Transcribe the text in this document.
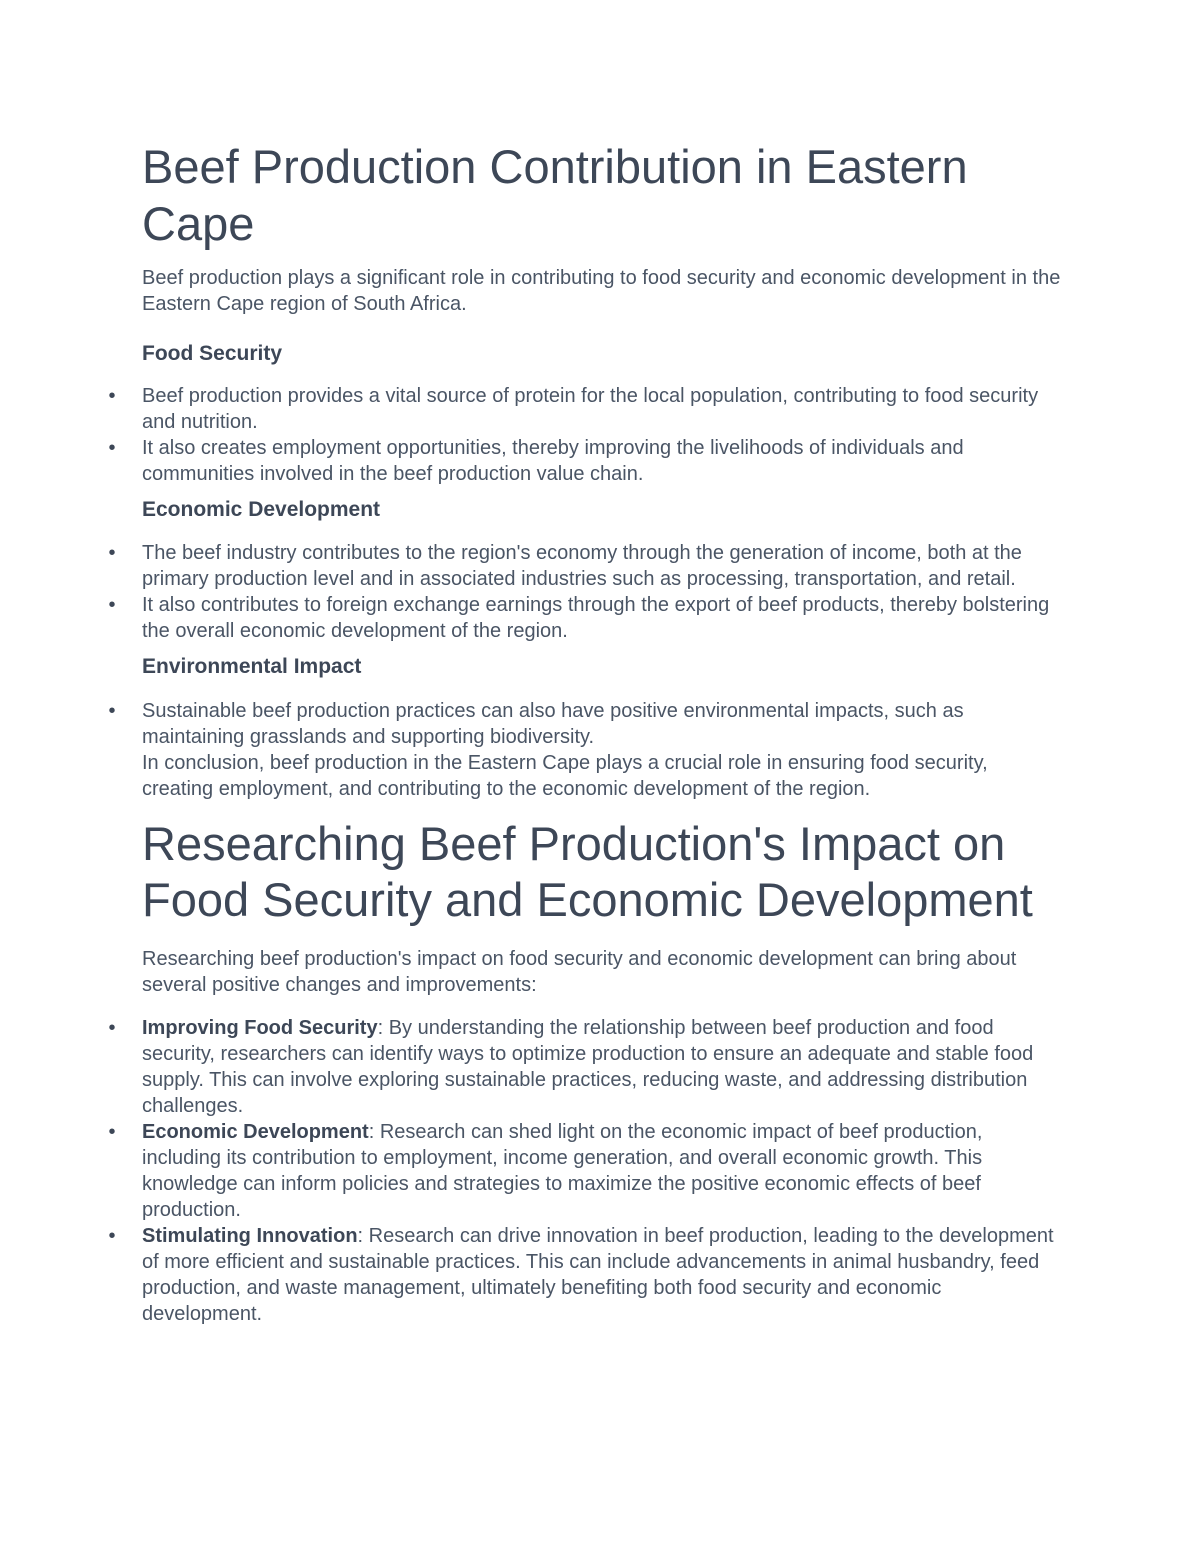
Beef Production Contribution in Eastern Cape

Beef production plays a significant role in contributing to food security and economic development in the Eastern Cape region of South Africa.

Food Security
• Beef production provides a vital source of protein for the local population, contributing to food security and nutrition.
• It also creates employment opportunities, thereby improving the livelihoods of individuals and communities involved in the beef production value chain.
Economic Development
• The beef industry contributes to the region's economy through the generation of income, both at the primary production level and in associated industries such as processing, transportation, and retail.
• It also contributes to foreign exchange earnings through the export of beef products, thereby bolstering the overall economic development of the region.
Environmental Impact
• Sustainable beef production practices can also have positive environmental impacts, such as maintaining grasslands and supporting biodiversity.
In conclusion, beef production in the Eastern Cape plays a crucial role in ensuring food security, creating employment, and contributing to the economic development of the region.
Researching Beef Production's Impact on Food Security and Economic Development

Researching beef production's impact on food security and economic development can bring about several positive changes and improvements:

• Improving Food Security: By understanding the relationship between beef production and food security, researchers can identify ways to optimize production to ensure an adequate and stable food supply. This can involve exploring sustainable practices, reducing waste, and addressing distribution challenges.
• Economic Development: Research can shed light on the economic impact of beef production, including its contribution to employment, income generation, and overall economic growth. This knowledge can inform policies and strategies to maximize the positive economic effects of beef production.
• Stimulating Innovation: Research can drive innovation in beef production, leading to the development of more efficient and sustainable practices. This can include advancements in animal husbandry, feed production, and waste management, ultimately benefiting both food security and economic development.
